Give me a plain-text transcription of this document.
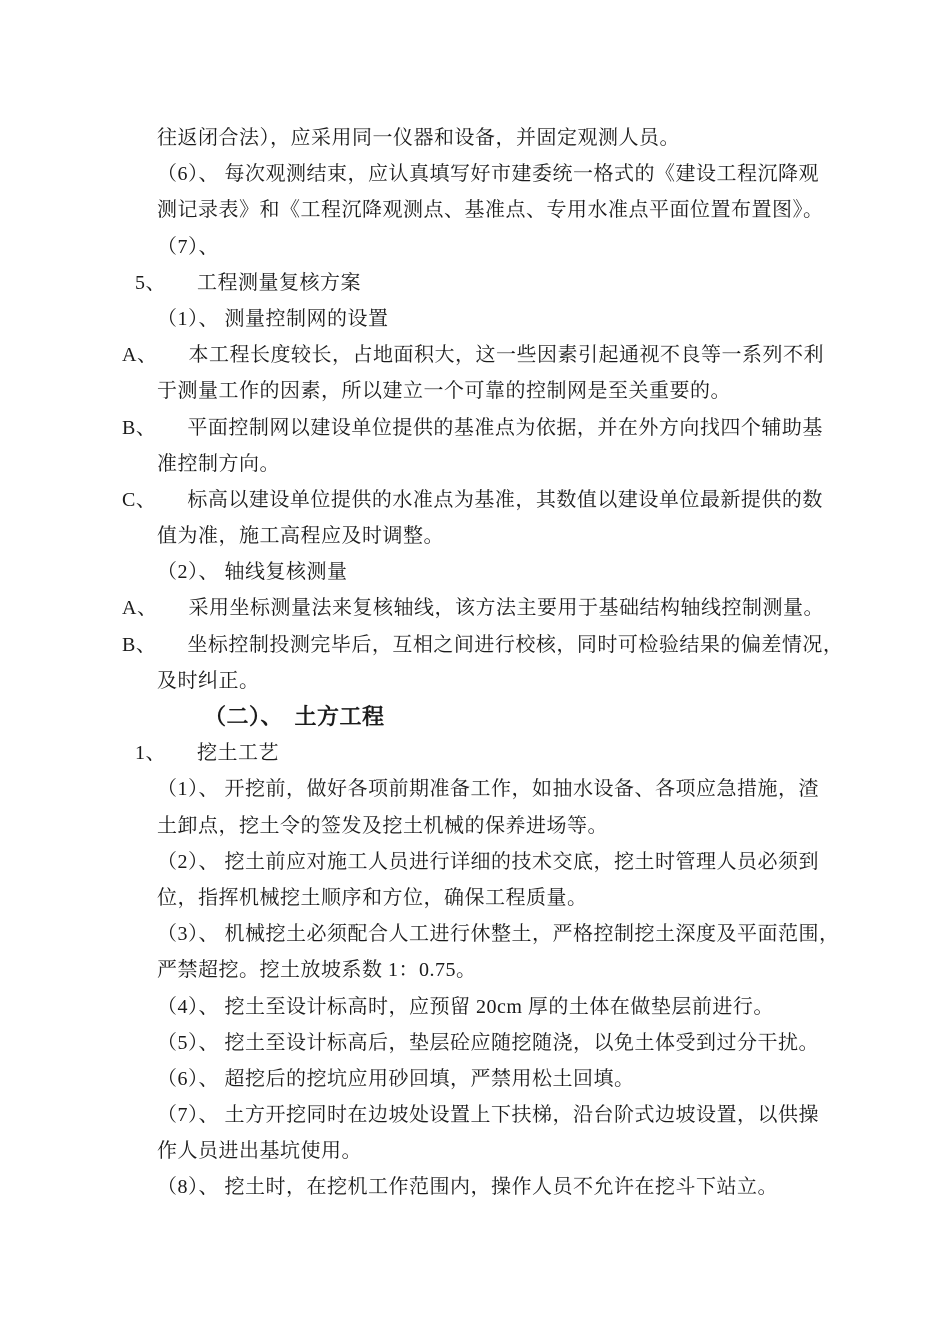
往返闭合法），应采用同一仪器和设备，并固定观测人员。
（6）、 每次观测结束，应认真填写好市建委统一格式的《建设工程沉降观
测记录表》和《工程沉降观测点、基准点、专用水准点平面位置布置图》。
（7）、
5、　　工程测量复核方案
（1）、 测量控制网的设置
A、　　本工程长度较长，占地面积大，这一些因素引起通视不良等一系列不利
于测量工作的因素，所以建立一个可靠的控制网是至关重要的。
B、　　平面控制网以建设单位提供的基准点为依据，并在外方向找四个辅助基
准控制方向。
C、　　标高以建设单位提供的水准点为基准，其数值以建设单位最新提供的数
值为准，施工高程应及时调整。
（2）、 轴线复核测量
A、　　采用坐标测量法来复核轴线，该方法主要用于基础结构轴线控制测量。
B、　　坐标控制投测完毕后，互相之间进行校核，同时可检验结果的偏差情况，
及时纠正。
（二）、　土方工程
1、　　挖土工艺
（1）、 开挖前，做好各项前期准备工作，如抽水设备、各项应急措施，渣
土卸点，挖土令的签发及挖土机械的保养进场等。
（2）、 挖土前应对施工人员进行详细的技术交底，挖土时管理人员必须到
位，指挥机械挖土顺序和方位，确保工程质量。
（3）、 机械挖土必须配合人工进行休整土，严格控制挖土深度及平面范围，
严禁超挖。挖土放坡系数 1：0.75。
（4）、 挖土至设计标高时，应预留 20cm 厚的土体在做垫层前进行。
（5）、 挖土至设计标高后，垫层砼应随挖随浇，以免土体受到过分干扰。
（6）、 超挖后的挖坑应用砂回填，严禁用松土回填。
（7）、 土方开挖同时在边坡处设置上下扶梯，沿台阶式边坡设置，以供操
作人员进出基坑使用。
（8）、 挖土时，在挖机工作范围内，操作人员不允许在挖斗下站立。
